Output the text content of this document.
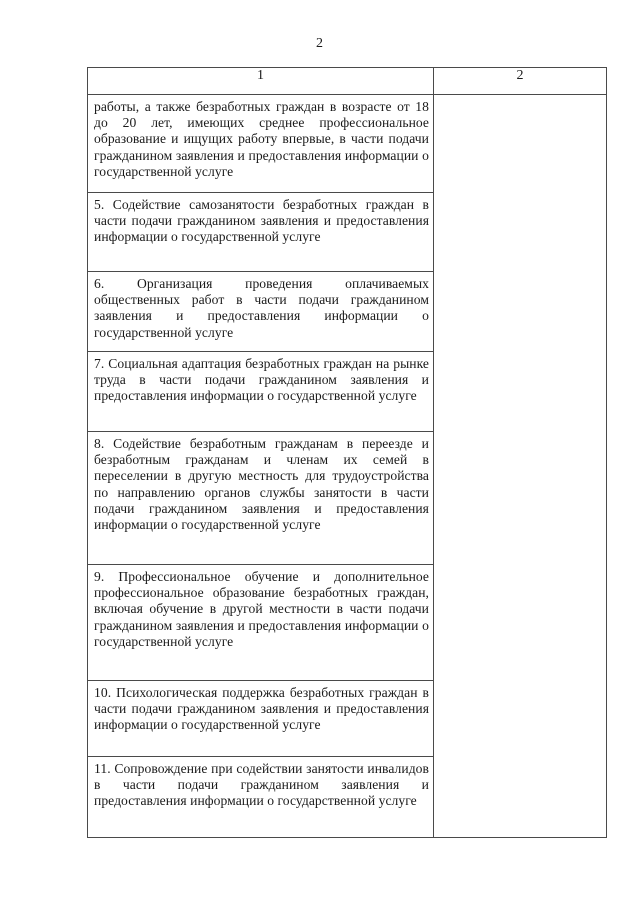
2
1	2

работы, а также безработных граждан в возрасте от 18 до 20 лет, имеющих среднее профессиональное образование и ищущих работу впервые, в части подачи гражданином заявления и предоставления информации о государственной услуге	

5. Содействие самозанятости безработных граждан в части подачи гражданином заявления и предоставления информации о государственной услуге	

6. Организация проведения оплачиваемых общественных работ в части подачи гражданином заявления и предоставления информации о государственной услуге	

7. Социальная адаптация безработных граждан на рынке труда в части подачи гражданином заявления и предоставления информации о государственной услуге	

8. Содействие безработным гражданам в переезде и безработным гражданам и членам их семей в переселении в другую местность для трудоустройства по направлению органов службы занятости в части подачи гражданином заявления и предоставления информации о государственной услуге	

9. Профессиональное обучение и дополнительное профессиональное образование безработных граждан, включая обучение в другой местности в части подачи гражданином заявления и предоставления информации о государственной услуге	

10. Психологическая поддержка безработных граждан в части подачи гражданином заявления и предоставления информации о государственной услуге	

11. Сопровождение при содействии занятости инвалидов в части подачи гражданином заявления и предоставления информации о государственной услуге	
